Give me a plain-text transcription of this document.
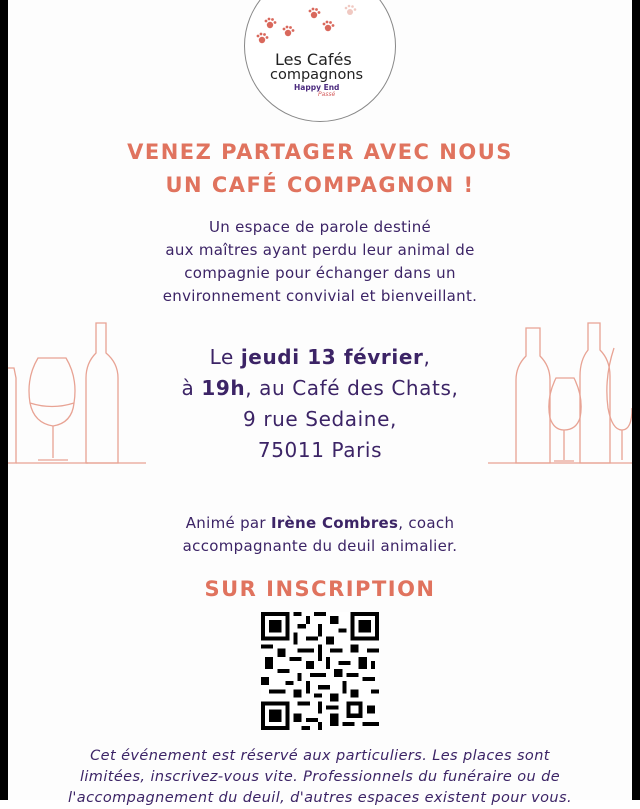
Les Cafés
compagnons
Happy End
Passé
VENEZ PARTAGER AVEC NOUS
UN CAFÉ COMPAGNON !
Un espace de parole destiné
aux maîtres ayant perdu leur animal de
compagnie pour échanger dans un
environnement convivial et bienveillant.
Le jeudi 13 février,
à 19h, au Café des Chats,
9 rue Sedaine,
75011 Paris
Animé par Irène Combres, coach
accompagnante du deuil animalier.
SUR INSCRIPTION
Cet événement est réservé aux particuliers. Les places sont
limitées, inscrivez-vous vite. Professionnels du funéraire ou de
l'accompagnement du deuil, d'autres espaces existent pour vous.
